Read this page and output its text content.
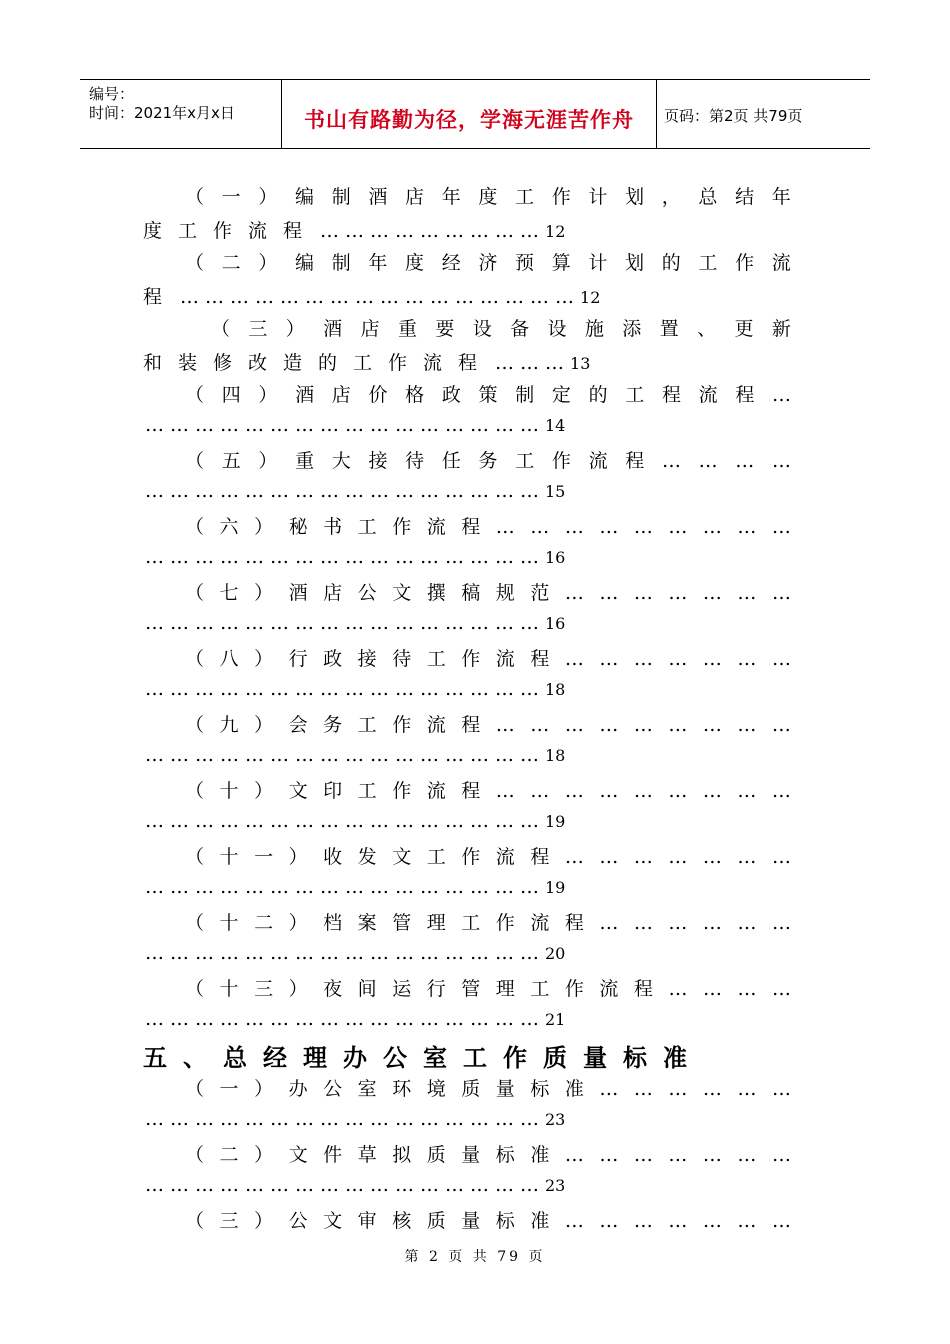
编号：
时间：2021年x月x日	书山有路勤为径，学海无涯苦作舟	页码：第2页 共79页
（ 一 ） 编 制 酒 店 年 度 工 作 计 划 ， 总 结 年
度工作流程 ……………………… 12
（ 二 ） 编 制 年 度 经 济 预 算 计 划 的 工 作 流
程 ………………………………………… 12
（ 三 ） 酒 店 重 要 设 备 设 施 添 置 、 更 新
和装修改造的工作流程 ……… 13
（ 四 ） 酒 店 价 格 政 策 制 定 的 工 程 流 程 …
………………………………………… 14
（ 五 ） 重 大 接 待 任 务 工 作 流 程 … … … …
………………………………………… 15
（ 六 ） 秘 书 工 作 流 程 … … … … … … … … …
………………………………………… 16
（ 七 ） 酒 店 公 文 撰 稿 规 范 … … … … … … …
………………………………………… 16
（ 八 ） 行 政 接 待 工 作 流 程 … … … … … … …
………………………………………… 18
（ 九 ） 会 务 工 作 流 程 … … … … … … … … …
………………………………………… 18
（ 十 ） 文 印 工 作 流 程 … … … … … … … … …
………………………………………… 19
（ 十 一 ） 收 发 文 工 作 流 程 … … … … … … …
………………………………………… 19
（ 十 二 ） 档 案 管 理 工 作 流 程 … … … … … …
………………………………………… 20
（ 十 三 ） 夜 间 运 行 管 理 工 作 流 程 … … … …
………………………………………… 21
五、总经理办公室工作质量标准
（ 一 ） 办 公 室 环 境 质 量 标 准 … … … … … …
………………………………………… 23
（ 二 ） 文 件 草 拟 质 量 标 准 … … … … … … …
………………………………………… 23
（ 三 ） 公 文 审 核 质 量 标 准 … … … … … … …
第 2 页 共 79 页
